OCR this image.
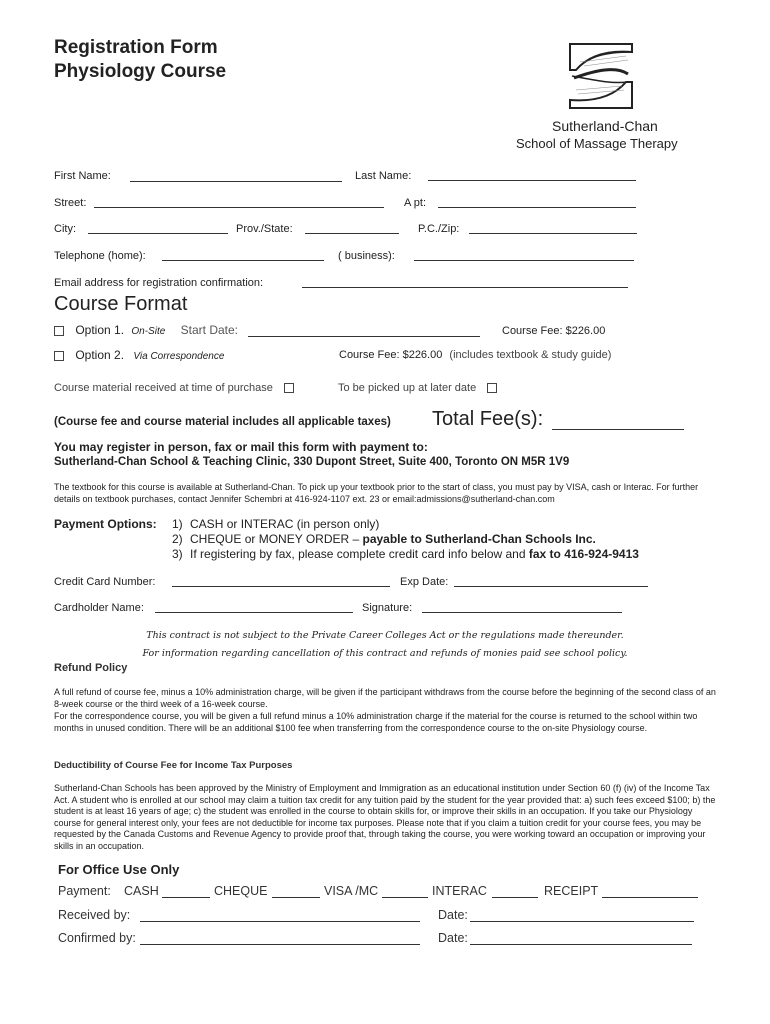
Registration Form
Physiology Course
Sutherland-Chan
School of Massage Therapy
First Name:	Last Name:
Street:	A pt:
City:	Prov./State:	P.C./Zip:
Telephone (home):	( business):
Email address for registration confirmation:
Course Format
Option 1. On-Site Start Date:	Course Fee: $226.00
Option 2. Via Correspondence	Course Fee: $226.00 (includes textbook & study guide)
Course material received at time of purchase	To be picked up at later date
(Course fee and course material includes all applicable taxes) Total Fee(s):
You may register in person, fax or mail this form with payment to:
Sutherland-Chan School & Teaching Clinic, 330 Dupont Street, Suite 400, Toronto ON M5R 1V9
The textbook for this course is available at Sutherland-Chan. To pick up your textbook prior to the start of class, you must pay by VISA, cash or Interac. For further details on textbook purchases, contact Jennifer Schembri at 416-924-1107 ext. 23 or email:admissions@sutherland-chan.com
Payment Options: 1) CASH or INTERAC (in person only)
2) CHEQUE or MONEY ORDER – payable to Sutherland-Chan Schools Inc.
3) If registering by fax, please complete credit card info below and fax to 416-924-9413
Credit Card Number:	Exp Date:
Cardholder Name:	Signature:
This contract is not subject to the Private Career Colleges Act or the regulations made thereunder.
For information regarding cancellation of this contract and refunds of monies paid see school policy.
Refund Policy
A full refund of course fee, minus a 10% administration charge, will be given if the participant withdraws from the course before the beginning of the second class of an 8-week course or the third week of a 16-week course.
For the correspondence course, you will be given a full refund minus a 10% administration charge if the material for the course is returned to the school within two months in unused condition. There will be an additional $100 fee when transferring from the correspondence course to the on-site Physiology course.
Deductibility of Course Fee for Income Tax Purposes
Sutherland-Chan Schools has been approved by the Ministry of Employment and Immigration as an educational institution under Section 60 (f) (iv) of the Income Tax Act. A student who is enrolled at our school may claim a tuition tax credit for any tuition paid by the student for the year provided that: a) such fees exceed $100; b) the student is at least 16 years of age; c) the student was enrolled in the course to obtain skills for, or improve their skills in an occupation. If you take our Physiology course for general interest only, your fees are not deductible for income tax purposes. Please note that if you claim a tuition credit for your course fees, you may be requested by the Canada Customs and Revenue Agency to provide proof that, through taking the course, you were working toward an occupation or improving your skills in an occupation.
For Office Use Only
Payment: CASH	CHEQUE	VISA /MC	INTERAC	RECEIPT
Received by:	Date:
Confirmed by:	Date:
